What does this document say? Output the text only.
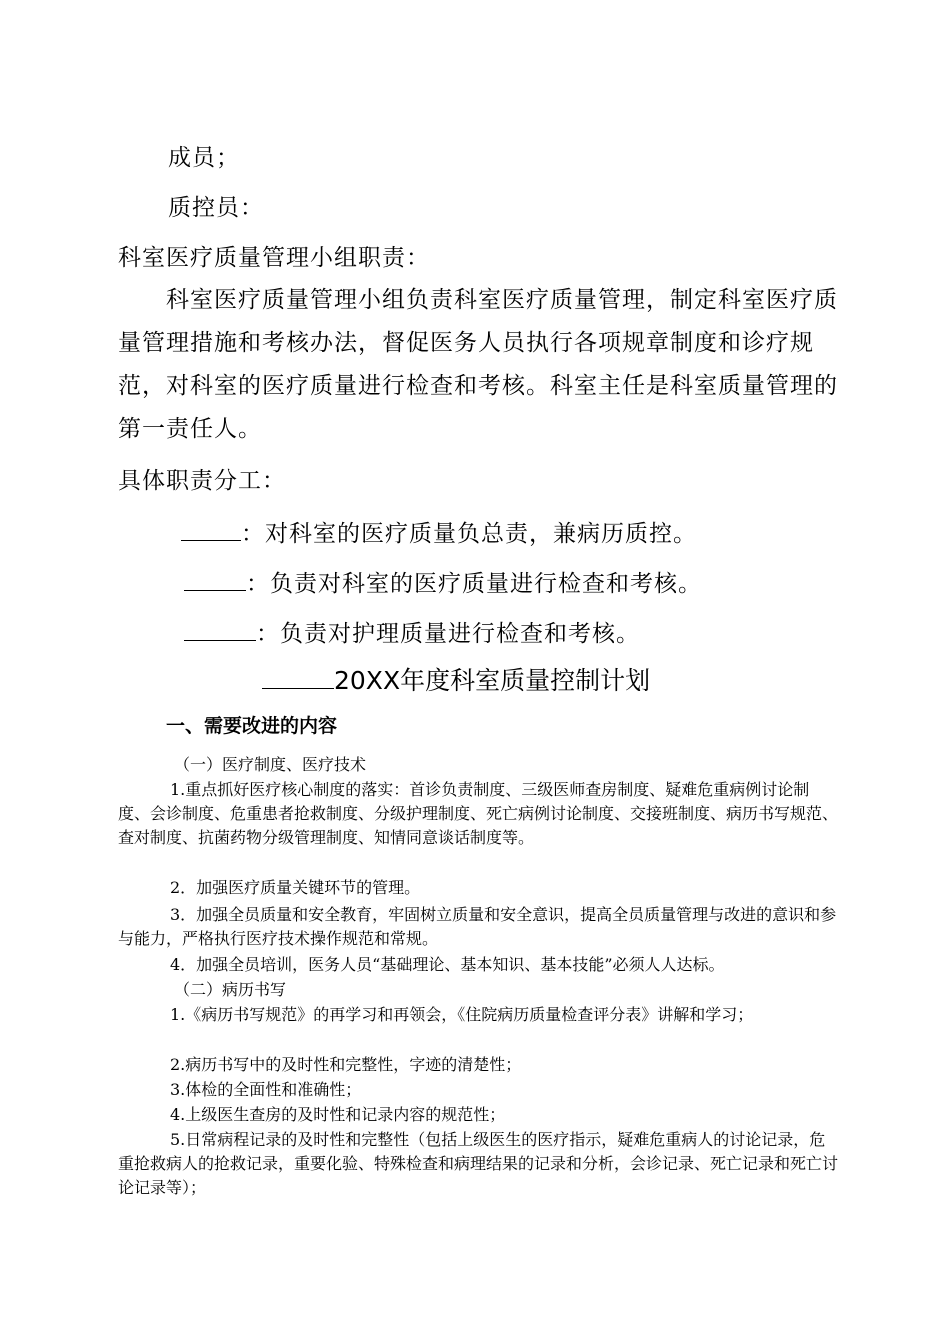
成员；
质控员：
科室医疗质量管理小组职责：
科室医疗质量管理小组负责科室医疗质量管理，制定科室医疗质量管理措施和考核办法，督促医务人员执行各项规章制度和诊疗规范，对科室的医疗质量进行检查和考核。科室主任是科室质量管理的第一责任人。
具体职责分工：
：对科室的医疗质量负总责，兼病历质控。
：负责对科室的医疗质量进行检查和考核。
：负责对护理质量进行检查和考核。
20XX年度科室质量控制计划
一、需要改进的内容
（一）医疗制度、医疗技术
1.重点抓好医疗核心制度的落实：首诊负责制度、三级医师查房制度、疑难危重病例讨论制度、会诊制度、危重患者抢救制度、分级护理制度、死亡病例讨论制度、交接班制度、病历书写规范、查对制度、抗菌药物分级管理制度、知情同意谈话制度等。
2．加强医疗质量关键环节的管理。
3．加强全员质量和安全教育，牢固树立质量和安全意识，提高全员质量管理与改进的意识和参与能力，严格执行医疗技术操作规范和常规。
4．加强全员培训，医务人员“基础理论、基本知识、基本技能”必须人人达标。
（二）病历书写
1.《病历书写规范》的再学习和再领会，《住院病历质量检查评分表》讲解和学习；
2.病历书写中的及时性和完整性，字迹的清楚性；
3.体检的全面性和准确性；
4.上级医生查房的及时性和记录内容的规范性；
5.日常病程记录的及时性和完整性（包括上级医生的医疗指示，疑难危重病人的讨论记录，危重抢救病人的抢救记录，重要化验、特殊检查和病理结果的记录和分析，会诊记录、死亡记录和死亡讨论记录等）；
